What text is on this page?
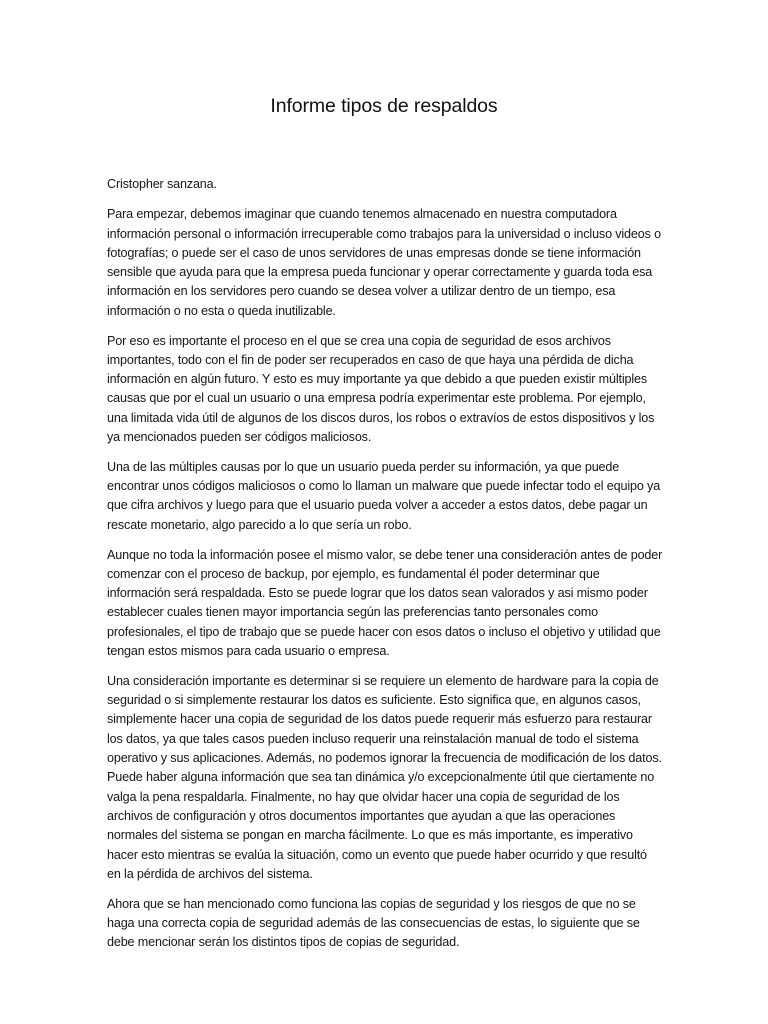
Informe tipos de respaldos

Cristopher sanzana.

Para empezar, debemos imaginar que cuando tenemos almacenado en nuestra computadora información personal o información irrecuperable como trabajos para la universidad o incluso videos o fotografías; o puede ser el caso de unos servidores de unas empresas donde se tiene información sensible que ayuda para que la empresa pueda funcionar y operar correctamente y guarda toda esa información en los servidores pero cuando se desea volver a utilizar dentro de un tiempo, esa información o no esta o queda inutilizable.

Por eso es importante el proceso en el que se crea una copia de seguridad de esos archivos importantes, todo con el fin de poder ser recuperados en caso de que haya una pérdida de dicha información en algún futuro. Y esto es muy importante ya que debido a que pueden existir múltiples causas que por el cual un usuario o una empresa podría experimentar este problema. Por ejemplo, una limitada vida útil de algunos de los discos duros, los robos o extravíos de estos dispositivos y los ya mencionados pueden ser códigos maliciosos.

Una de las múltiples causas por lo que un usuario pueda perder su información, ya que puede encontrar unos códigos maliciosos o como lo llaman un malware que puede infectar todo el equipo ya que cifra archivos y luego para que el usuario pueda volver a acceder a estos datos, debe pagar un rescate monetario, algo parecido a lo que sería un robo.

Aunque no toda la información posee el mismo valor, se debe tener una consideración antes de poder comenzar con el proceso de backup, por ejemplo, es fundamental él poder determinar que información será respaldada. Esto se puede lograr que los datos sean valorados y asi mismo poder establecer cuales tienen mayor importancia según las preferencias tanto personales como profesionales, el tipo de trabajo que se puede hacer con esos datos o incluso el objetivo y utilidad que tengan estos mismos para cada usuario o empresa.

Una consideración importante es determinar si se requiere un elemento de hardware para la copia de seguridad o si simplemente restaurar los datos es suficiente. Esto significa que, en algunos casos, simplemente hacer una copia de seguridad de los datos puede requerir más esfuerzo para restaurar los datos, ya que tales casos pueden incluso requerir una reinstalación manual de todo el sistema operativo y sus aplicaciones. Además, no podemos ignorar la frecuencia de modificación de los datos. Puede haber alguna información que sea tan dinámica y/o excepcionalmente útil que ciertamente no valga la pena respaldarla. Finalmente, no hay que olvidar hacer una copia de seguridad de los archivos de configuración y otros documentos importantes que ayudan a que las operaciones normales del sistema se pongan en marcha fácilmente. Lo que es más importante, es imperativo hacer esto mientras se evalúa la situación, como un evento que puede haber ocurrido y que resultó en la pérdida de archivos del sistema.

Ahora que se han mencionado como funciona las copias de seguridad y los riesgos de que no se haga una correcta copia de seguridad además de las consecuencias de estas, lo siguiente que se debe mencionar serán los distintos tipos de copias de seguridad.
